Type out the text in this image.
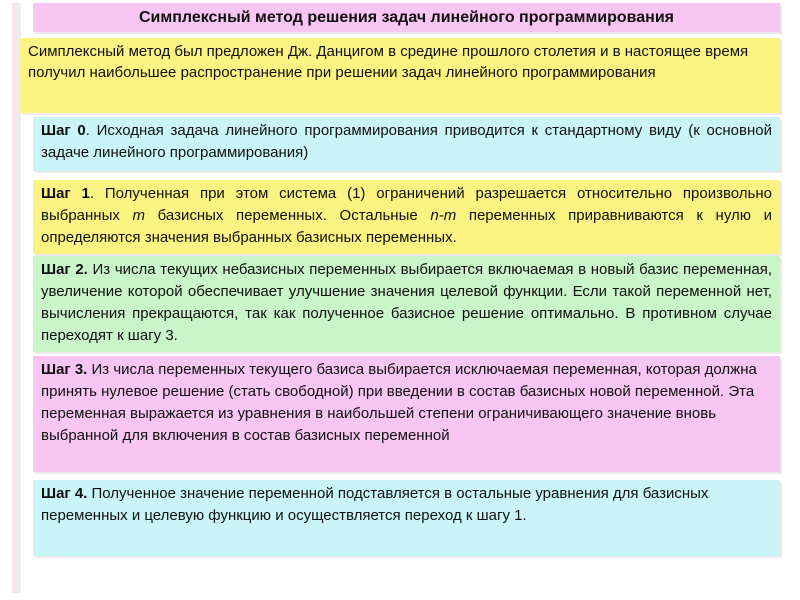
Симплексный метод решения задач линейного программирования
Симплексный метод был предложен Дж. Данцигом в средине прошлого столетия и в настоящее время получил наибольшее распространение при решении задач линейного программирования
Шаг 0. Исходная задача линейного программирования приводится к стандартному виду (к основной задаче линейного программирования)
Шаг 1. Полученная при этом система (1) ограничений разрешается относительно произвольно выбранных m базисных переменных. Остальные n-m переменных приравниваются к нулю и определяются значения выбранных базисных переменных.
Шаг 2. Из числа текущих небазисных переменных выбирается включаемая в новый базис переменная, увеличение которой обеспечивает улучшение значения целевой функции. Если такой переменной нет, вычисления прекращаются, так как полученное базисное решение оптимально. В противном случае переходят к шагу 3.
Шаг 3. Из числа переменных текущего базиса выбирается исключаемая переменная, которая должна принять нулевое решение (стать свободной) при введении в состав базисных новой переменной. Эта переменная выражается из уравнения в наибольшей степени ограничивающего значение вновь выбранной для включения в состав базисных переменной
Шаг 4. Полученное значение переменной подставляется в остальные уравнения для базисных переменных и целевую функцию и осуществляется переход к шагу 1.
